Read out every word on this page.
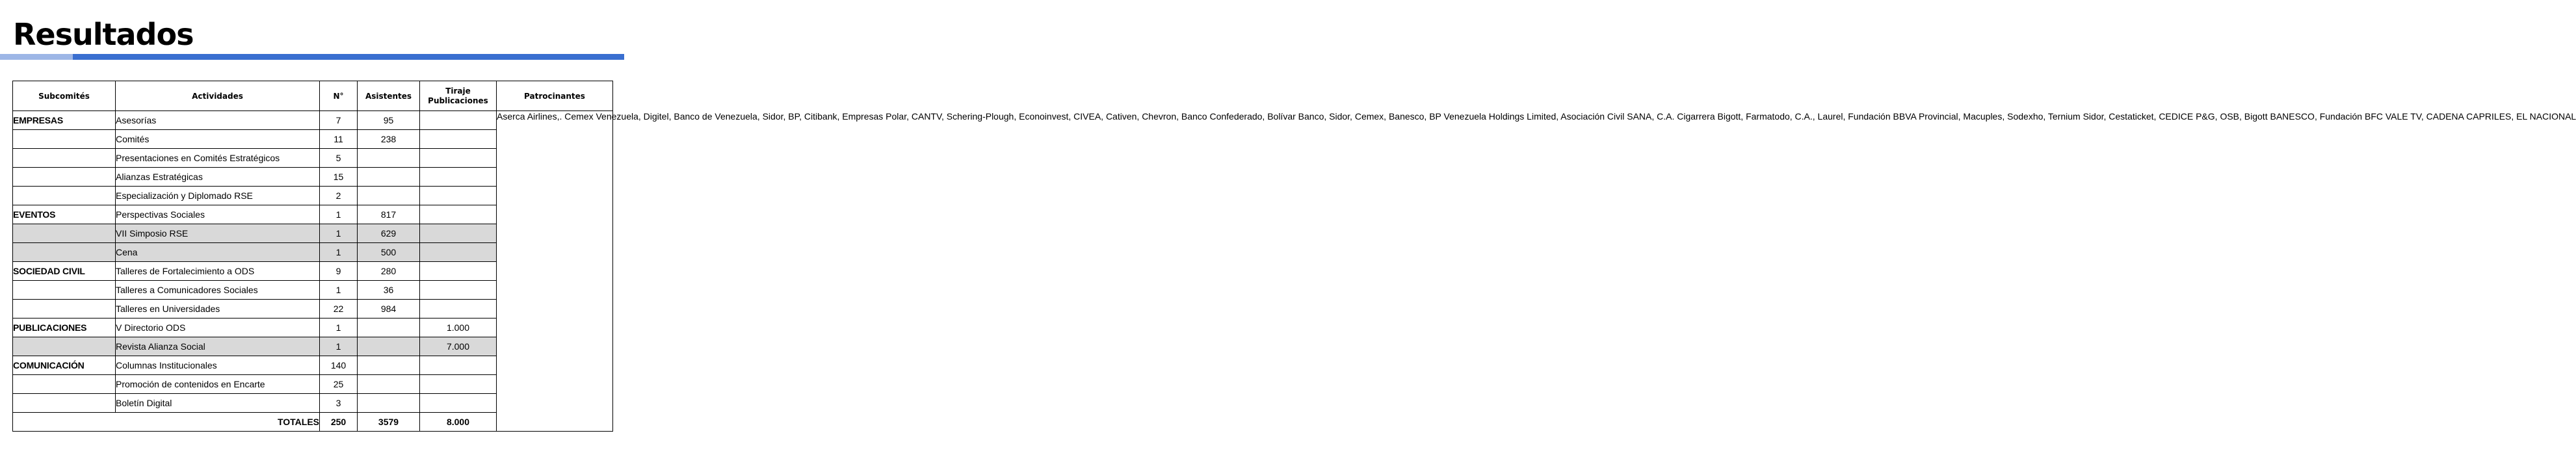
Resultados
Subcomités	Actividades	N°	Asistentes	Tiraje Publicaciones	Patrocinantes
EMPRESAS	Asesorías	7	95		Aserca Airlines,. Cemex Venezuela, Digitel, Banco de Venezuela, Sidor, BP, Citibank, Empresas Polar, CANTV, Schering-Plough, Econoinvest, CIVEA, Cativen, Chevron, Banco Confederado, Bolívar Banco, Sidor, Cemex, Banesco, BP Venezuela Holdings Limited, Asociación Civil SANA, C.A. Cigarrera Bigott, Farmatodo, C.A., Laurel, Fundación BBVA Provincial, Macuples, Sodexho, Ternium Sidor, Cestaticket, CEDICE P&G, OSB, Bigott BANESCO, Fundación BFC VALE TV, CADENA CAPRILES, EL NACIONAL
	Comités	11	238		
	Presentaciones en Comités Estratégicos	5			
	Alianzas Estratégicas	15			
	Especialización y Diplomado RSE	2			
EVENTOS	Perspectivas Sociales	1	817		
	VII Simposio RSE	1	629		
	Cena	1	500		
SOCIEDAD CIVIL	Talleres de Fortalecimiento a ODS	9	280		
	Talleres a Comunicadores Sociales	1	36		
	Talleres en Universidades	22	984		
PUBLICACIONES	V Directorio ODS	1		1.000	
	Revista Alianza Social	1		7.000	
COMUNICACIÓN	Columnas Institucionales	140			
	Promoción de contenidos en Encarte	25			
	Boletín Digital	3			
TOTALES		250	3579	8.000	
